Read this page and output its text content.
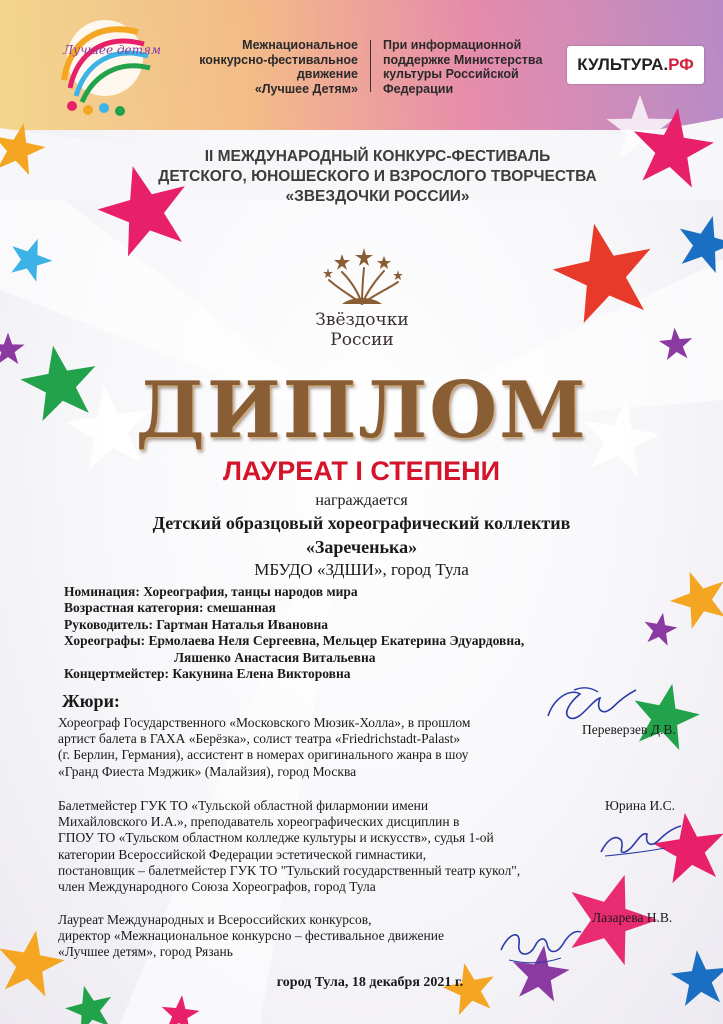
Лучшее детям	Межнациональное
конкурсно-фестивальное
движение
«Лучшее Детям»
При информационной
поддержке Министерства
культуры Российской
Федерации
КУЛЬТУРА.РФ
II МЕЖДУНАРОДНЫЙ КОНКУРС-ФЕСТИВАЛЬ
ДЕТСКОГО, ЮНОШЕСКОГО И ВЗРОСЛОГО ТВОРЧЕСТВА
«ЗВЕЗДОЧКИ РОССИИ»
Звёздочки
России
ДИПЛОМ
ЛАУРЕАТ I СТЕПЕНИ
награждается
Детский образцовый хореографический коллектив
«Зареченька»
МБУДО «ЗДШИ», город Тула
Номинация: Хореография, танцы народов мира
Возрастная категория: смешанная
Руководитель: Гартман Наталья Ивановна
Хореографы: Ермолаева Неля Сергеевна, Мельцер Екатерина Эдуардовна,
Ляшенко Анастасия Витальевна
Концертмейстер: Какунина Елена Викторовна
Жюри:
Хореограф Государственного «Московского Мюзик-Холла», в прошлом
артист балета в ГАХА «Берёзка», солист театра «Friedrichstadt-Palast»
(г. Берлин, Германия), ассистент в номерах оригинального жанра в шоу
«Гранд Фиеста Мэджик» (Малайзия), город Москва
Переверзев Д.В.
Балетмейстер ГУК ТО «Тульской областной филармонии имени
Михайловского И.А.», преподаватель хореографических дисциплин в
ГПОУ ТО «Тульском областном колледже культуры и искусств», судья 1-ой
категории Всероссийской Федерации эстетической гимнастики,
постановщик – балетмейстер ГУК ТО "Тульский государственный театр кукол",
член Международного Союза Хореографов, город Тула
Юрина И.С.
Лауреат Международных и Всероссийских конкурсов,
директор «Межнациональное конкурсно – фестивальное движение
«Лучшее детям», город Рязань
Лазарева Н.В.
город Тула, 18 декабря 2021 г.
